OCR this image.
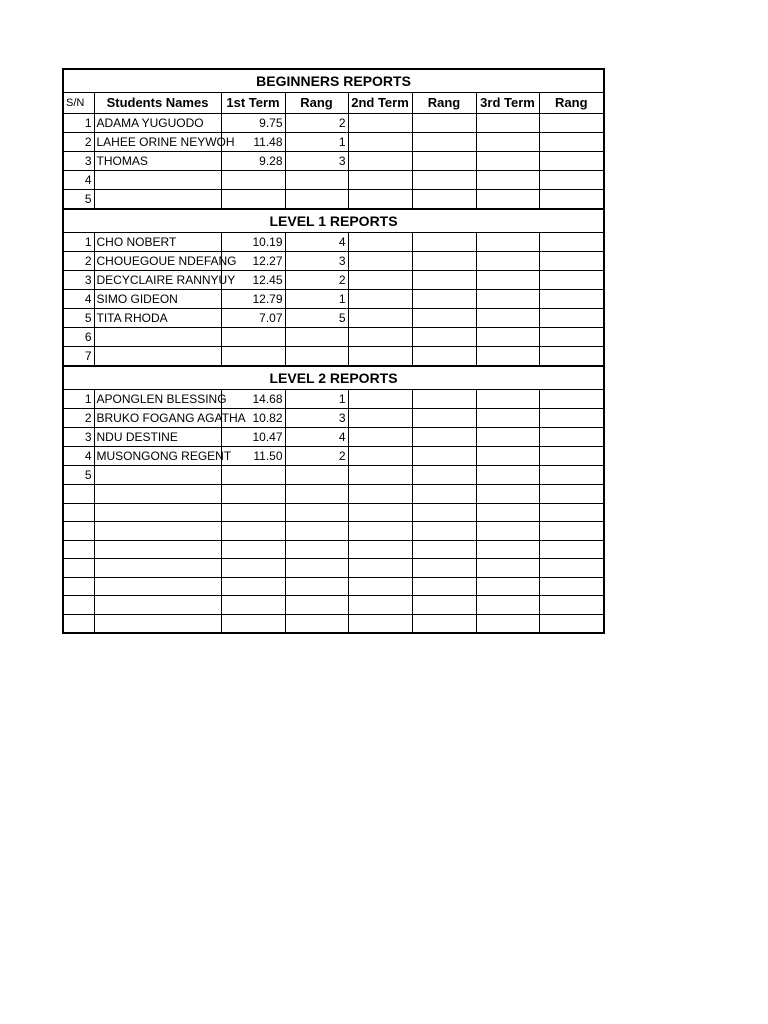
BEGINNERS REPORTS							
S/N	Students Names	1st Term	Rang	2nd Term	Rang	3rd Term	Rang
1	ADAMA YUGUODO	9.75	2				
2	LAHEE ORINE NEYWOH	11.48	1				
3	THOMAS	9.28	3				
4							
5							
LEVEL 1 REPORTS							
1	CHO NOBERT	10.19	4				
2	CHOUEGOUE NDEFANG	12.27	3				
3	DECYCLAIRE RANNYUY	12.45	2				
4	SIMO GIDEON	12.79	1				
5	TITA RHODA	7.07	5				
6							
7							
LEVEL 2 REPORTS							
1	APONGLEN BLESSING	14.68	1				
2	BRUKO FOGANG AGATHA	10.82	3				
3	NDU DESTINE	10.47	4				
4	MUSONGONG REGENT	11.50	2				
5							
